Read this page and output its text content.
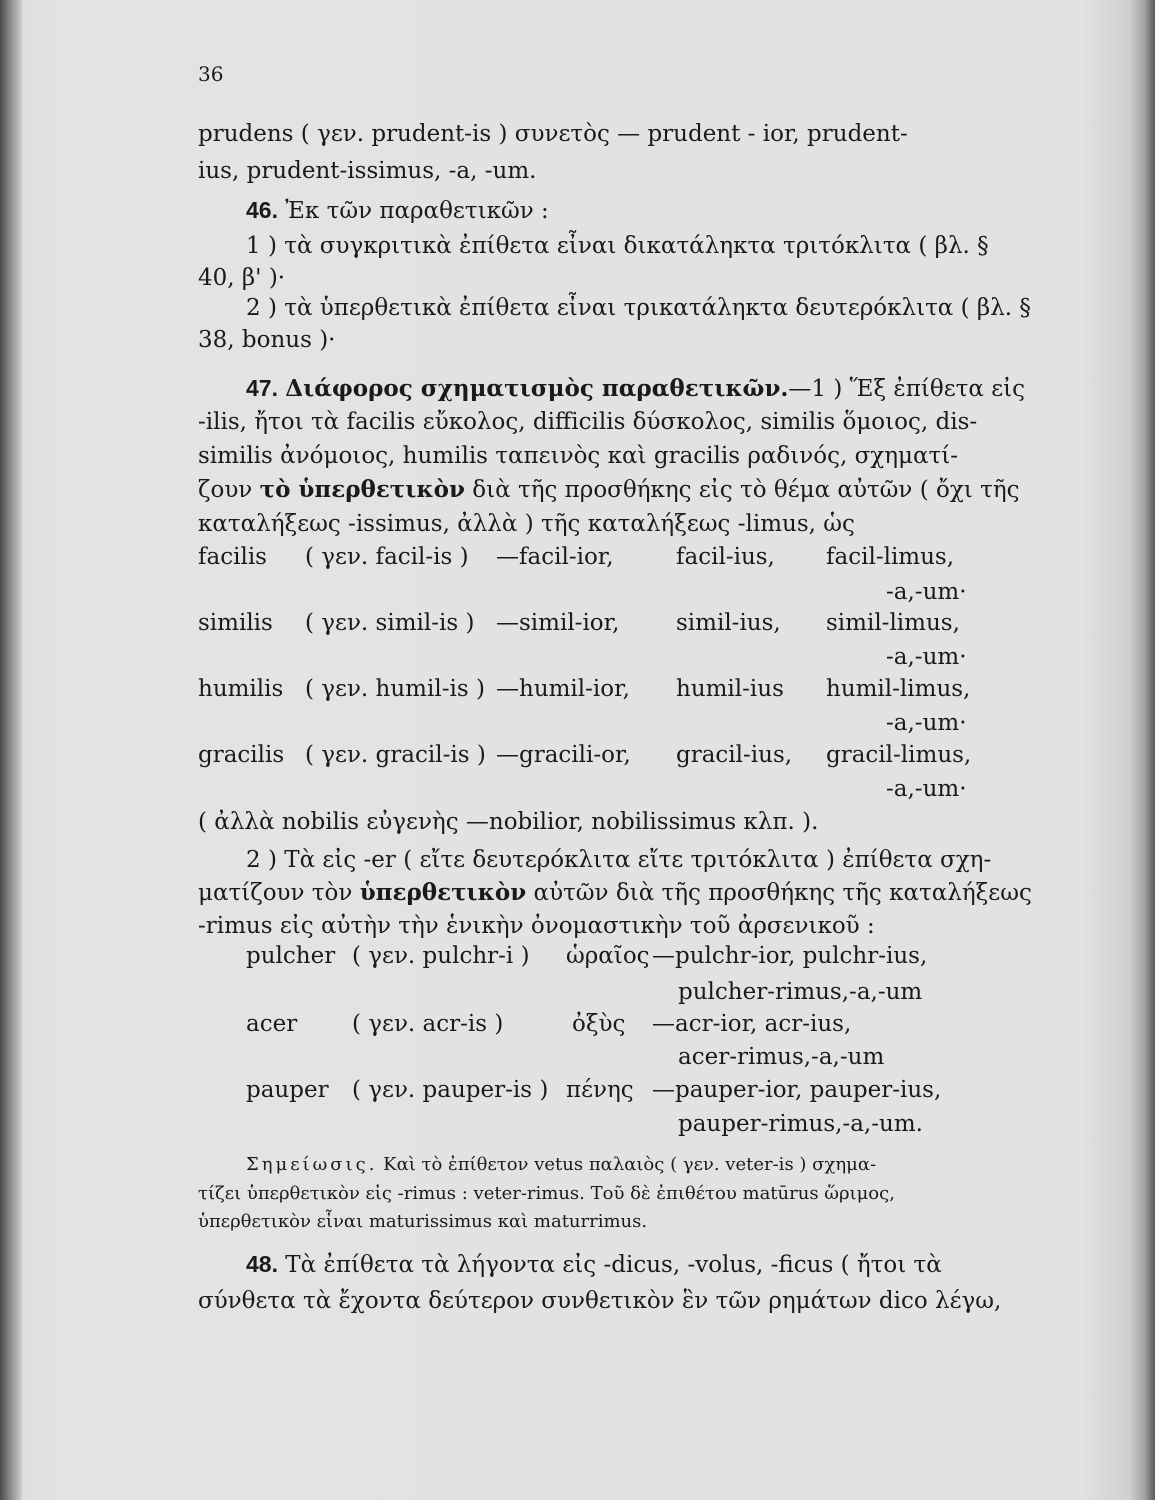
36
prudens ( γεν. prudent-is ) συνετὸς — prudent - ior, prudent-
ius, prudent-issimus, -a, -um.
46. Ἐκ τῶν παραθετικῶν :
1 ) τὰ συγκριτικὰ ἐπίθετα εἶναι δικατάληκτα τριτόκλιτα ( βλ. §
40, β' )·
2 ) τὰ ὑπερθετικὰ ἐπίθετα εἶναι τρικατάληκτα δευτερόκλιτα ( βλ. §
38, bonus )·
47. Διάφορος σχηματισμὸς παραθετικῶν.—1 ) Ἕξ ἐπίθετα εἰς
-ilis, ἤτοι τὰ facilis εὔκολος, difficilis δύσκολος, similis ὅμοιος, dis-
similis ἀνόμοιος, humilis ταπεινὸς καὶ gracilis ραδινός, σχηματί-
ζουν τὸ ὑπερθετικὸν διὰ τῆς προσθήκης εἰς τὸ θέμα αὐτῶν ( ὄχι τῆς
καταλήξεως -issimus, ἀλλὰ ) τῆς καταλήξεως -limus, ὡς
facilis ( γεν. facil-is ) —facil-ior,	facil-ius, facil-limus,
-a,-um·
similis ( γεν. simil-is ) —simil-ior, simil-ius, simil-limus,
-a,-um·
humilis ( γεν. humil-is ) —humil-ior, humil-ius humil-limus,
-a,-um·
gracilis ( γεν. gracil-is ) —gracili-or, gracil-ius, gracil-limus,
-a,-um·
( ἀλλὰ nobilis εὐγενὴς —nobilior, nobilissimus κλπ. ).
2 ) Τὰ εἰς -er ( εἴτε δευτερόκλιτα εἴτε τριτόκλιτα ) ἐπίθετα σχη-
ματίζουν τὸν ὑπερθετικὸν αὐτῶν διὰ τῆς προσθήκης τῆς καταλήξεως
-rimus εἰς αὐτὴν τὴν ἑνικὴν ὀνομαστικὴν τοῦ ἀρσενικοῦ :
pulcher ( γεν. pulchr-i ) ὡραῖος —pulchr-ior, pulchr-ius,
pulcher-rimus,-a,-um
acer ( γεν. acr-is )	ὀξὺς —acr-ior, acr-ius,
acer-rimus,-a,-um
pauper ( γεν. pauper-is ) πένης —pauper-ior, pauper-ius,
pauper-rimus,-a,-um.
Σημείωσις. Καὶ τὸ ἐπίθετον vetus παλαιὸς ( γεν. veter-is ) σχημα-
τίζει ὑπερθετικὸν εἰς -rimus : veter-rimus. Τοῦ δὲ ἐπιθέτου matūrus ὥριμος,
ὑπερθετικὸν εἶναι maturissimus καὶ maturrimus.
48. Τὰ ἐπίθετα τὰ λήγοντα εἰς -dicus, -volus, -ficus ( ἤτοι τὰ
σύνθετα τὰ ἔχοντα δεύτερον συνθετικὸν ἓν τῶν ρημάτων dico λέγω,
